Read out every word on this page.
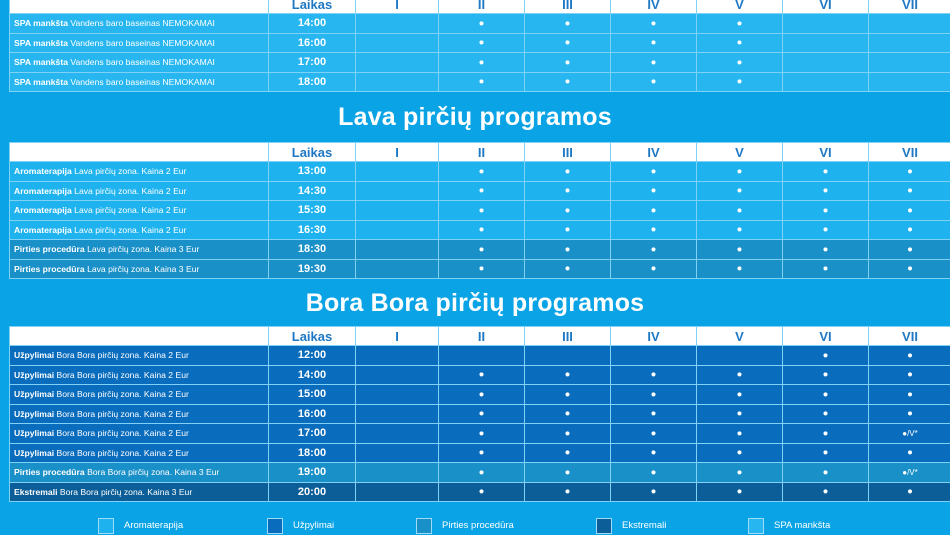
	Laikas	I	II	III	IV	V	VI	VII
SPA mankšta Vandens baro baseinas NEMOKAMAI	14:00		●	●	●	●		
SPA mankšta Vandens baro baseinas NEMOKAMAI	16:00		●	●	●	●		
SPA mankšta Vandens baro baseinas NEMOKAMAI	17:00		●	●	●	●		
SPA mankšta Vandens baro baseinas NEMOKAMAI	18:00		●	●	●	●		
Lava pirčių programos
	Laikas	I	II	III	IV	V	VI	VII
Aromaterapija Lava pirčių zona. Kaina 2 Eur	13:00		●	●	●	●	●	●
Aromaterapija Lava pirčių zona. Kaina 2 Eur	14:30		●	●	●	●	●	●
Aromaterapija Lava pirčių zona. Kaina 2 Eur	15:30		●	●	●	●	●	●
Aromaterapija Lava pirčių zona. Kaina 2 Eur	16:30		●	●	●	●	●	●
Pirties procedūra Lava pirčių zona. Kaina 3 Eur	18:30		●	●	●	●	●	●
Pirties procedūra Lava pirčių zona. Kaina 3 Eur	19:30		●	●	●	●	●	●
Bora Bora pirčių programos
	Laikas	I	II	III	IV	V	VI	VII
Užpylimai Bora Bora pirčių zona. Kaina 2 Eur	12:00						●	●
Užpylimai Bora Bora pirčių zona. Kaina 2 Eur	14:00		●	●	●	●	●	●
Užpylimai Bora Bora pirčių zona. Kaina 2 Eur	15:00		●	●	●	●	●	●
Užpylimai Bora Bora pirčių zona. Kaina 2 Eur	16:00		●	●	●	●	●	●
Užpylimai Bora Bora pirčių zona. Kaina 2 Eur	17:00		●	●	●	●	●	●/V*
Užpylimai Bora Bora pirčių zona. Kaina 2 Eur	18:00		●	●	●	●	●	●
Pirties procedūra Bora Bora pirčių zona. Kaina 3 Eur	19:00		●	●	●	●	●	●/V*
Ekstremali Bora Bora pirčių zona. Kaina 3 Eur	20:00		●	●	●	●	●	●
Aromaterapija	Užpylimai	Pirties procedūra	Ekstremali	SPA mankšta
